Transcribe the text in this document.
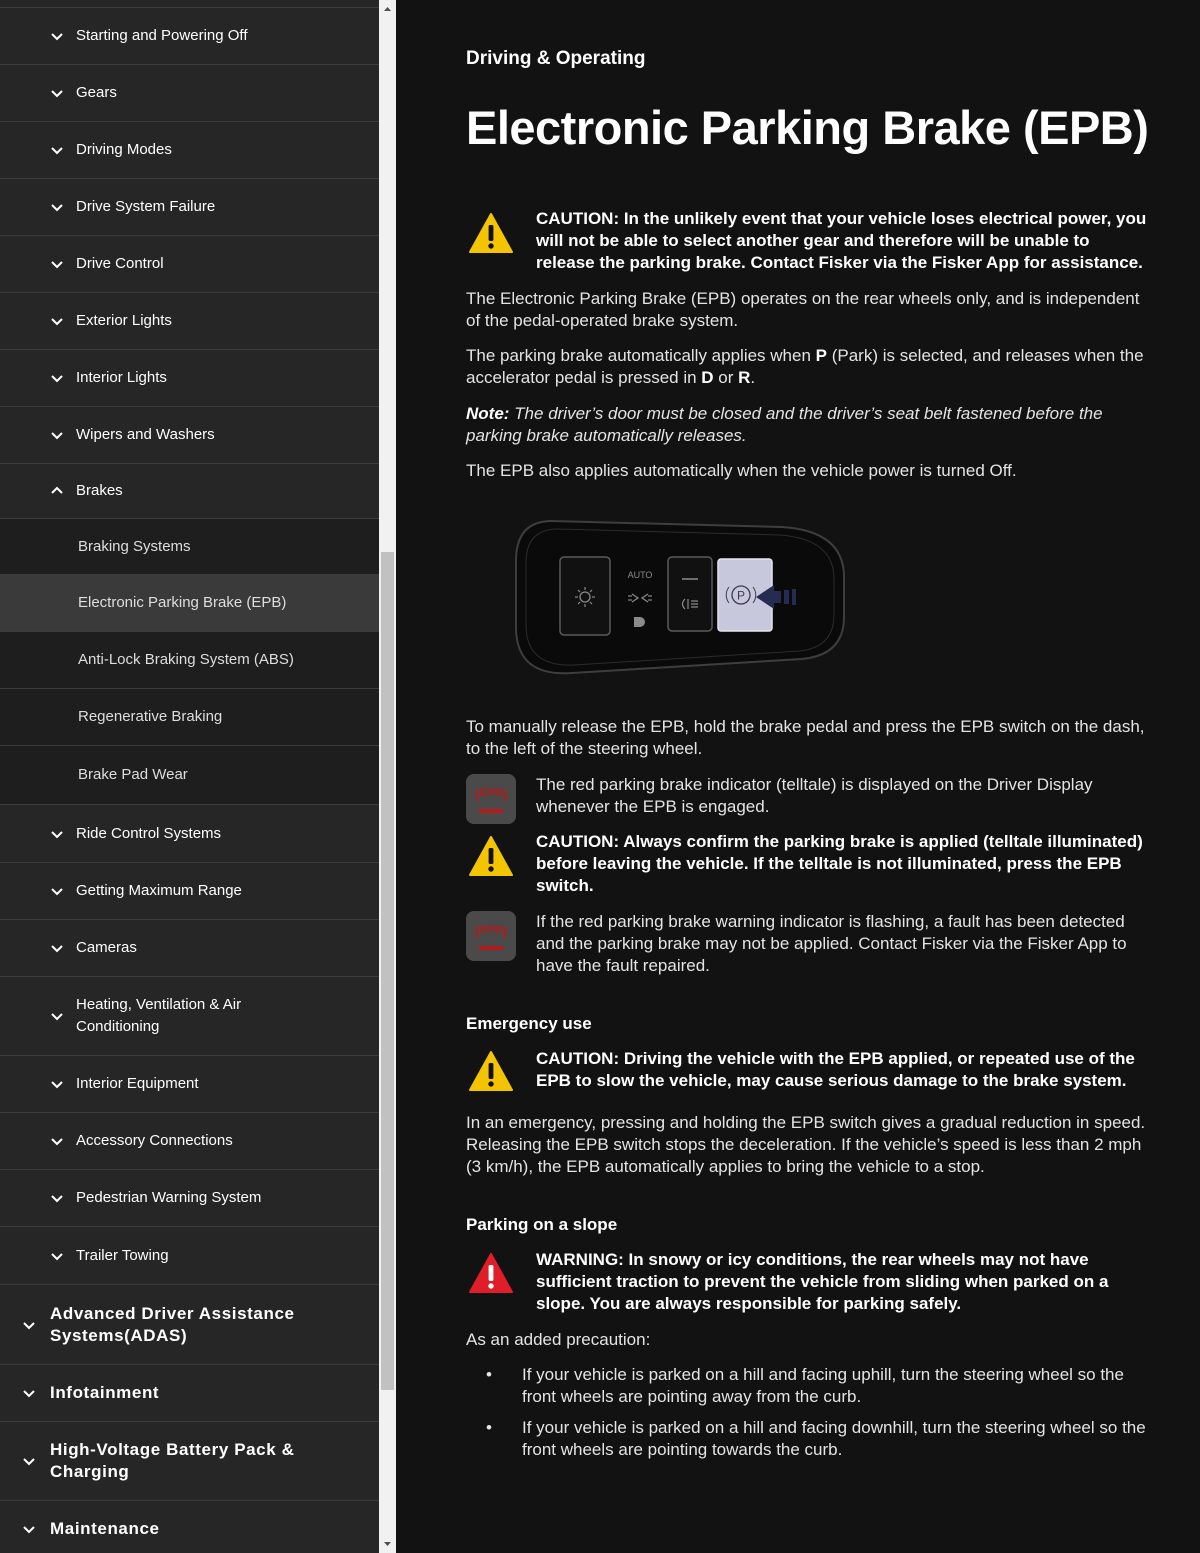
Starting and Powering Off
Gears
Driving Modes
Drive System Failure
Drive Control
Exterior Lights
Interior Lights
Wipers and Washers
Brakes
Braking Systems
Electronic Parking Brake (EPB)
Anti-Lock Braking System (ABS)
Regenerative Braking
Brake Pad Wear
Ride Control Systems
Getting Maximum Range
Cameras
Heating, Ventilation & Air Conditioning
Interior Equipment
Accessory Connections
Pedestrian Warning System
Trailer Towing
Advanced Driver Assistance Systems(ADAS)
Infotainment
High-Voltage Battery Pack & Charging
Maintenance
Driving & Operating
Electronic Parking Brake (EPB)
CAUTION: In the unlikely event that your vehicle loses electrical power, you will not be able to select another gear and therefore will be unable to release the parking brake. Contact Fisker via the Fisker App for assistance.

The Electronic Parking Brake (EPB) operates on the rear wheels only, and is independent of the pedal-operated brake system.

The parking brake automatically applies when P (Park) is selected, and releases when the accelerator pedal is pressed in D or R.

Note: The driver’s door must be closed and the driver’s seat belt fastened before the parking brake automatically releases.

The EPB also applies automatically when the vehicle power is turned Off.

AUTO
P

To manually release the EPB, hold the brake pedal and press the EPB switch on the dash, to the left of the steering wheel.

EPB The red parking brake indicator (telltale) is displayed on the Driver Display whenever the EPB is engaged.
CAUTION: Always confirm the parking brake is applied (telltale illuminated) before leaving the vehicle. If the telltale is not illuminated, press the EPB switch.
EPB If the red parking brake warning indicator is flashing, a fault has been detected and the parking brake may not be applied. Contact Fisker via the Fisker App to have the fault repaired.
Emergency use
CAUTION: Driving the vehicle with the EPB applied, or repeated use of the EPB to slow the vehicle, may cause serious damage to the brake system.

In an emergency, pressing and holding the EPB switch gives a gradual reduction in speed. Releasing the EPB switch stops the deceleration. If the vehicle’s speed is less than 2 mph (3 km/h), the EPB automatically applies to bring the vehicle to a stop.

Parking on a slope
WARNING: In snowy or icy conditions, the rear wheels may not have sufficient traction to prevent the vehicle from sliding when parked on a slope. You are always responsible for parking safely.

As an added precaution:

• If your vehicle is parked on a hill and facing uphill, turn the steering wheel so the front wheels are pointing away from the curb.
• If your vehicle is parked on a hill and facing downhill, turn the steering wheel so the front wheels are pointing towards the curb.
